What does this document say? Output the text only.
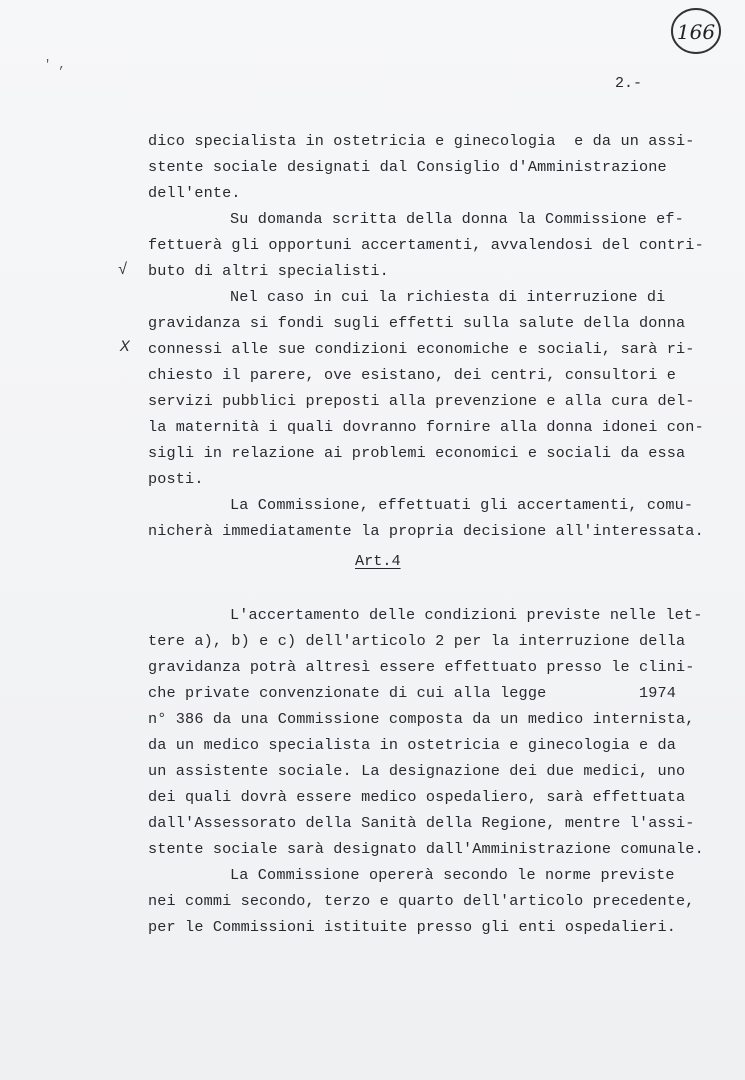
166
' ,
2.-
dico specialista in ostetricia e ginecologia  e da un assi-
stente sociale designati dal Consiglio d'Amministrazione
dell'ente.
Su domanda scritta della donna la Commissione ef-
fettuerà gli opportuni accertamenti, avvalendosi del contri-
√ buto di altri specialisti.
Nel caso in cui la richiesta di interruzione di
gravidanza si fondi sugli effetti sulla salute della donna
X connessi alle sue condizioni economiche e sociali, sarà ri-
chiesto il parere, ove esistano, dei centri, consultori e
servizi pubblici preposti alla prevenzione e alla cura del-
la maternità i quali dovranno fornire alla donna idonei con-
sigli in relazione ai problemi economici e sociali da essa
posti.
La Commissione, effettuati gli accertamenti, comu-
nicherà immediatamente la propria decisione all'interessata.
Art.4
L'accertamento delle condizioni previste nelle let-
tere a), b) e c) dell'articolo 2 per la interruzione della
gravidanza potrà altresì essere effettuato presso le clini-
che private convenzionate di cui alla legge          1974
n° 386 da una Commissione composta da un medico internista,
da un medico specialista in ostetricia e ginecologia e da
un assistente sociale. La designazione dei due medici, uno
dei quali dovrà essere medico ospedaliero, sarà effettuata
dall'Assessorato della Sanità della Regione, mentre l'assi-
stente sociale sarà designato dall'Amministrazione comunale.
La Commissione opererà secondo le norme previste
nei commi secondo, terzo e quarto dell'articolo precedente,
per le Commissioni istituite presso gli enti ospedalieri.
